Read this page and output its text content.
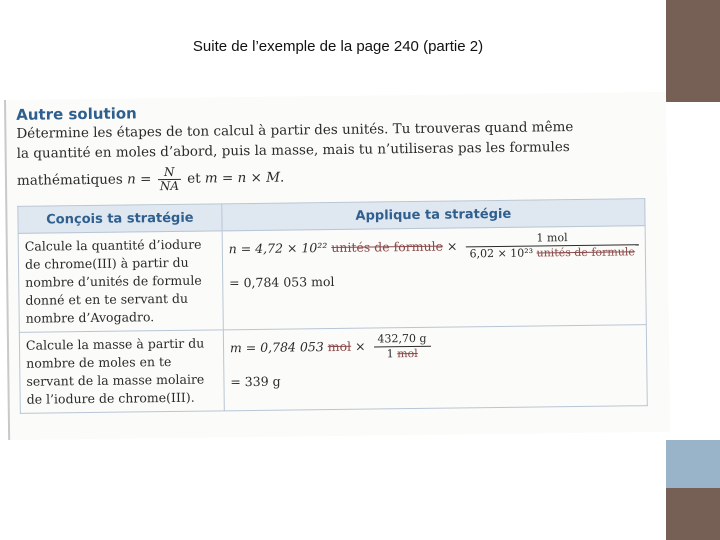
Suite de l’exemple de la page 240 (partie 2)
Autre solution
Détermine les étapes de ton calcul à partir des unités. Tu trouveras quand même
la quantité en moles d’abord, puis la masse, mais tu n’utiliseras pas les formules
mathématiques $n = \frac{N}{NA}$ et m = n × M.
Conçois ta stratégie	Applique ta stratégie
Calcule la quantité d’iodure de chrome(III) à partir du nombre d’unités de formule donné et en te servant du nombre d’Avogadro.	n = 4,72 × 10²² unités de formule × $\frac{\text{1 mol}}{\text{6,02 × 10²³ unités de formule}}$
= 0,784 053 mol

Calcule la masse à partir du nombre de moles en te servant de la masse molaire de l’iodure de chrome(III).	m = 0,784 053 mol × $\frac{432,70 g}{\text{1 mol}}$
= 339 g
